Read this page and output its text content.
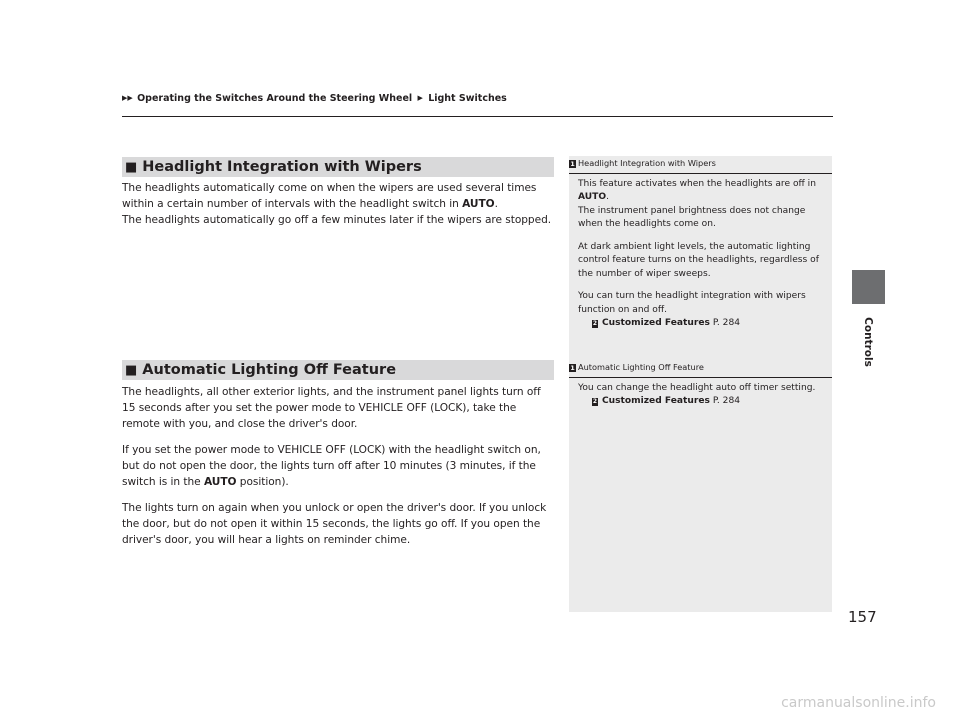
▶▶ Operating the Switches Around the Steering Wheel ▶ Light Switches
Controls
■ Headlight Integration with Wipers

The headlights automatically come on when the wipers are used several times within a certain number of intervals with the headlight switch in AUTO.
The headlights automatically go off a few minutes later if the wipers are stopped.

■ Automatic Lighting Off Feature

The headlights, all other exterior lights, and the instrument panel lights turn off 15 seconds after you set the power mode to VEHICLE OFF (LOCK), take the remote with you, and close the driver's door.

If you set the power mode to VEHICLE OFF (LOCK) with the headlight switch on, but do not open the door, the lights turn off after 10 minutes (3 minutes, if the switch is in the AUTO position).

The lights turn on again when you unlock or open the driver's door. If you unlock the door, but do not open it within 15 seconds, the lights go off. If you open the driver's door, you will hear a lights on reminder chime.

1 Headlight Integration with Wipers

This feature activates when the headlights are off in AUTO.
The instrument panel brightness does not change when the headlights come on.

At dark ambient light levels, the automatic lighting control feature turns on the headlights, regardless of the number of wiper sweeps.

You can turn the headlight integration with wipers function on and off.
2 Customized Features P. 284

1 Automatic Lighting Off Feature

You can change the headlight auto off timer setting.
2 Customized Features P. 284

157
carmanualsonline.info
